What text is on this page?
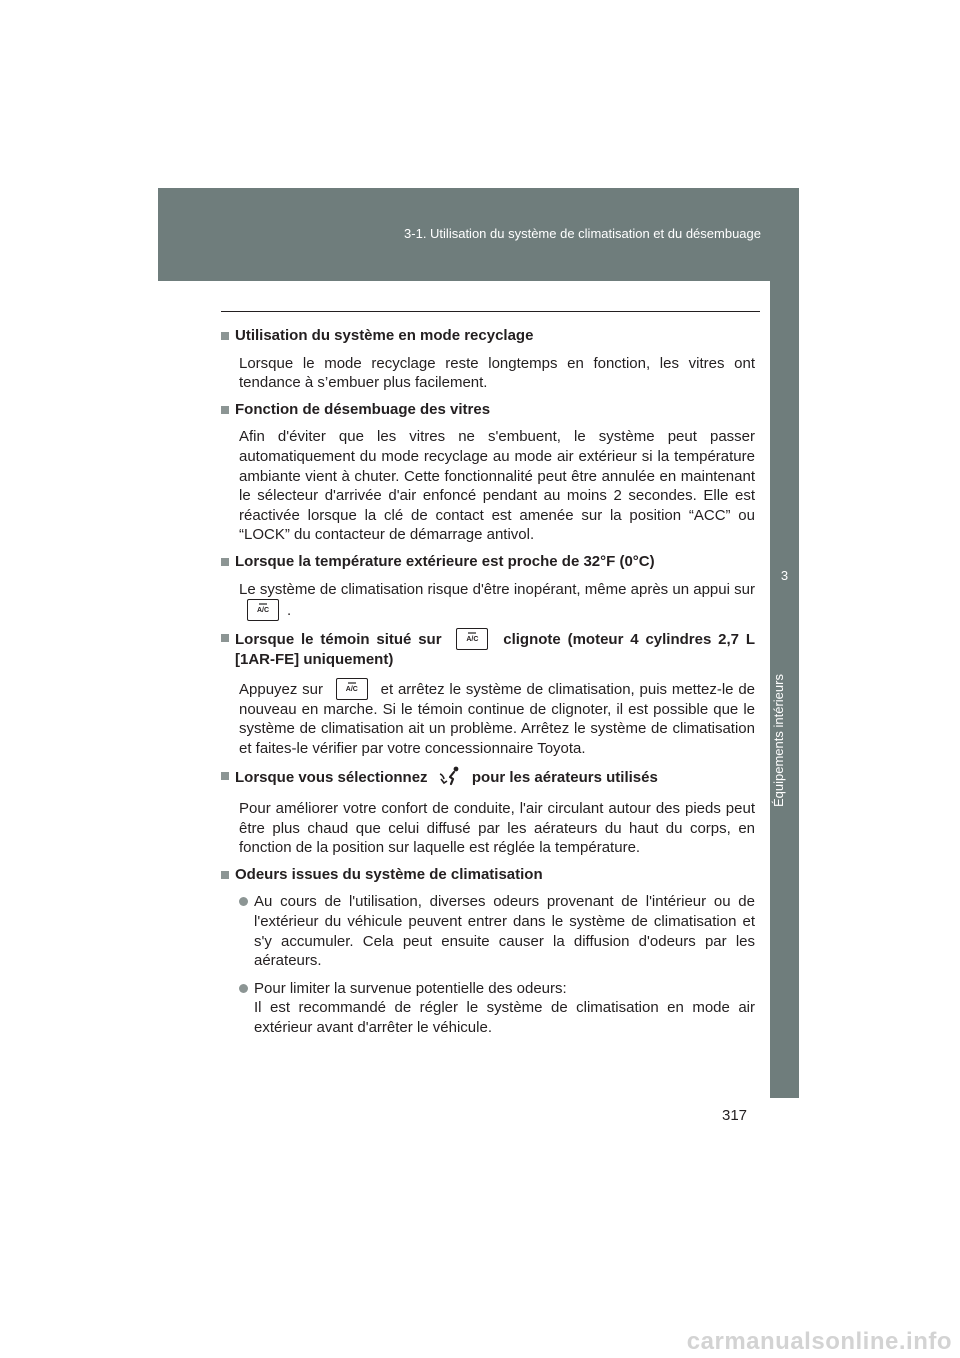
3-1. Utilisation du système de climatisation et du désembuage
3
Équipements intérieurs
Utilisation du système en mode recyclage
Lorsque le mode recyclage reste longtemps en fonction, les vitres ont tendance à s’embuer plus facilement.
Fonction de désembuage des vitres
Afin d'éviter que les vitres ne s'embuent, le système peut passer automatiquement du mode recyclage au mode air extérieur si la température ambiante vient à chuter. Cette fonctionnalité peut être annulée en maintenant le sélecteur d'arrivée d'air enfoncé pendant au moins 2 secondes. Elle est réactivée lorsque la clé de contact est amenée sur la position “ACC” ou “LOCK” du contacteur de démarrage antivol.
Lorsque la température extérieure est proche de 32°F (0°C)
Le système de climatisation risque d'être inopérant, même après un appui sur
A/C	.
Lorsque le témoin situé sur	A/C	clignote (moteur 4 cylindres 2,7 L [1AR-FE] uniquement)
Appuyez sur	A/C	et arrêtez le système de climatisation, puis mettez-le de nouveau en marche. Si le témoin continue de clignoter, il est possible que le système de climatisation ait un problème. Arrêtez le système de climatisation et faites-le vérifier par votre concessionnaire Toyota.
Lorsque vous sélectionnez	pour les aérateurs utilisés
Pour améliorer votre confort de conduite, l'air circulant autour des pieds peut être plus chaud que celui diffusé par les aérateurs du haut du corps, en fonction de la position sur laquelle est réglée la température.
Odeurs issues du système de climatisation
Au cours de l'utilisation, diverses odeurs provenant de l'intérieur ou de l'extérieur du véhicule peuvent entrer dans le système de climatisation et s'y accumuler. Cela peut ensuite causer la diffusion d'odeurs par les aérateurs.
Pour limiter la survenue potentielle des odeurs:
Il est recommandé de régler le système de climatisation en mode air extérieur avant d'arrêter le véhicule.
317
carmanualsonline.info
